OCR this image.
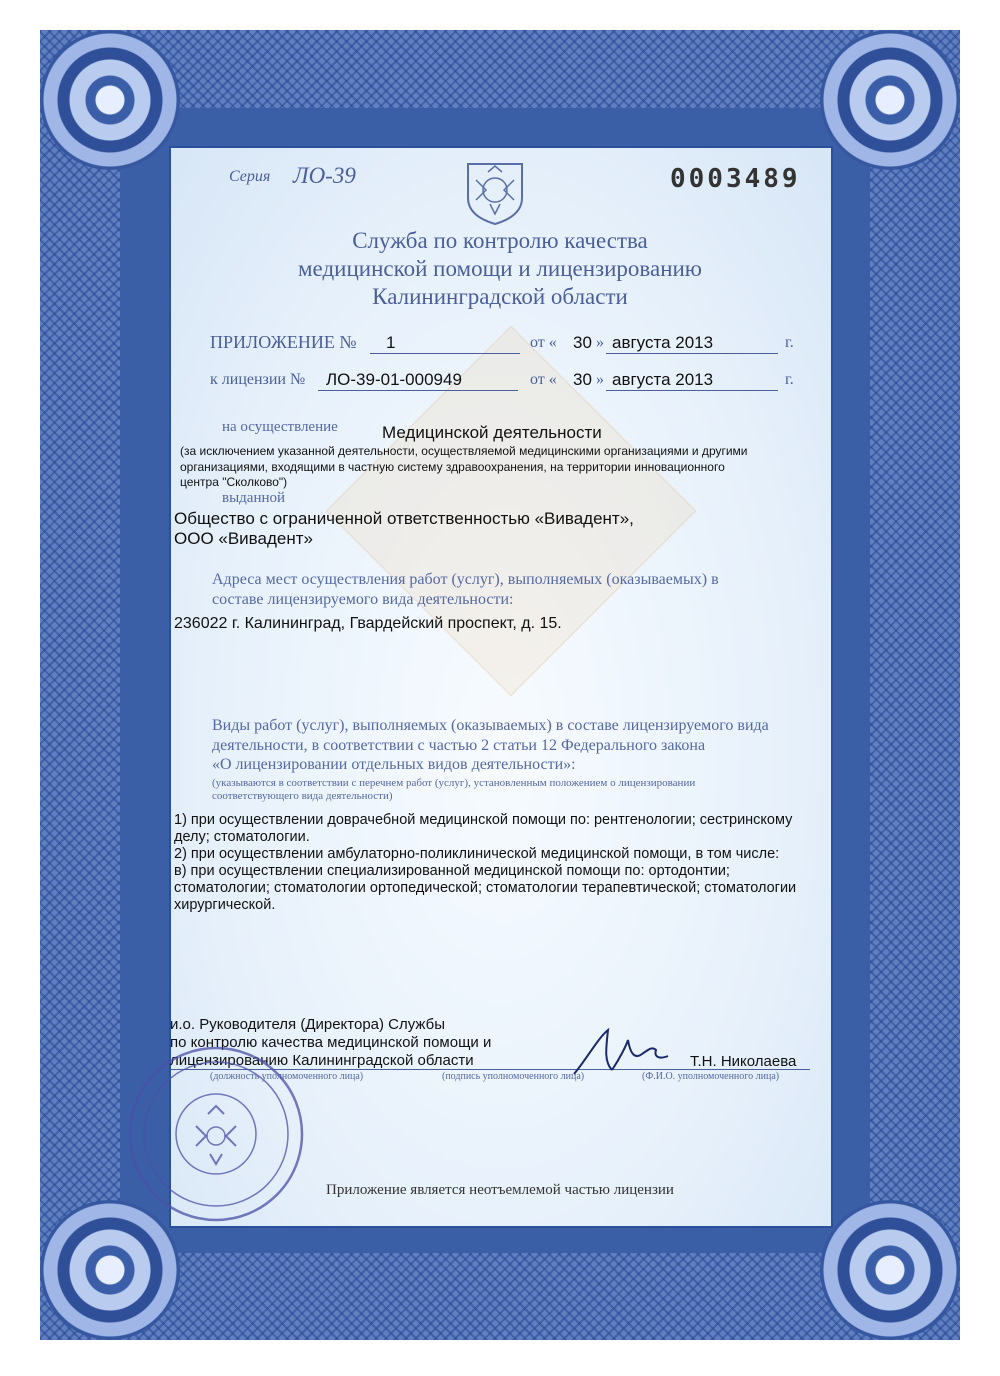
Серия ЛО-39	0003489
Служба по контролю качества
медицинской помощи и лицензированию
Калининградской области
ПРИЛОЖЕНИЕ № 1	от « 30 » августа 2013	г.
к лицензии № ЛО-39-01-000949	от « 30 » августа 2013	г.
на осуществление	Медицинской деятельности
(за исключением указанной деятельности, осуществляемой медицинскими организациями и другими
организациями, входящими в частную систему здравоохранения, на территории инновационного
центра "Сколково")
выданной
Общество с ограниченной ответственностью «Вивадент»,
ООО «Вивадент»
Адреса мест осуществления работ (услуг), выполняемых (оказываемых) в
составе лицензируемого вида деятельности:
236022 г. Калининград, Гвардейский проспект, д. 15.
Виды работ (услуг), выполняемых (оказываемых) в составе лицензируемого вида
деятельности, в соответствии с частью 2 статьи 12 Федерального закона
«О лицензировании отдельных видов деятельности»:
(указываются в соответствии с перечнем работ (услуг), установленным положением о лицензировании
соответствующего вида деятельности)
1) при осуществлении доврачебной медицинской помощи по: рентгенологии; сестринскому
делу; стоматологии.
2) при осуществлении амбулаторно-поликлинической медицинской помощи, в том числе:
в) при осуществлении специализированной медицинской помощи по: ортодонтии;
стоматологии; стоматологии ортопедической; стоматологии терапевтической; стоматологии
хирургической.
и.о. Руководителя (Директора) Службы
по контролю качества медицинской помощи и
лицензированию Калининградской области	Т.Н. Николаева
(должность уполномоченного лица)	(подпись уполномоченного лица)	(Ф.И.О. уполномоченного лица)
Приложение является неотъемлемой частью лицензии
